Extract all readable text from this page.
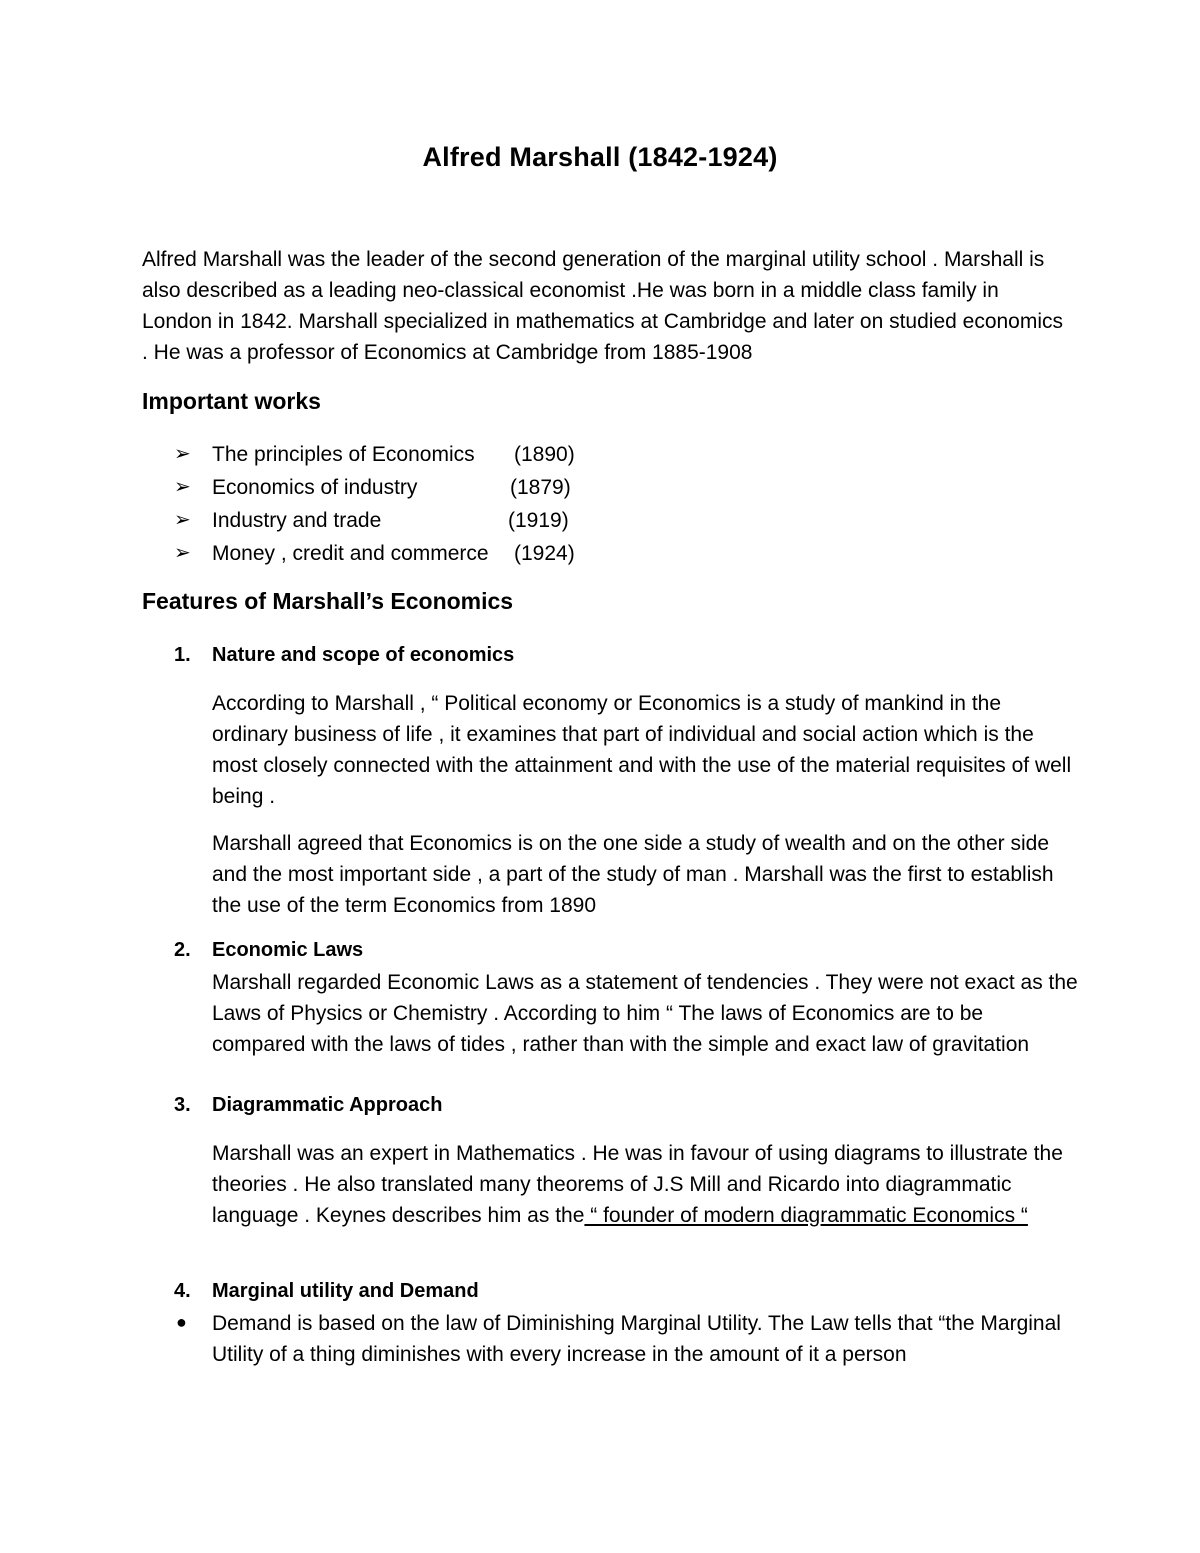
Alfred Marshall (1842-1924)

Alfred Marshall was the leader of the second generation of the marginal utility school . Marshall is also described as a leading neo-classical economist .He was born in a middle class family in London in 1842. Marshall specialized in mathematics at Cambridge and later on studied economics . He was a professor of Economics at Cambridge from 1885-1908

Important works
➢	The principles of Economics (1890)
➢	Economics of industry	(1879)
➢	Industry and trade	(1919)
➢	Money , credit and commerce (1924)
Features of Marshall’s Economics
1. Nature and scope of economics

According to Marshall , “ Political economy or Economics is a study of mankind in the ordinary business of life , it examines that part of individual and social action which is the most closely connected with the attainment and with the use of the material requisites of well being .

Marshall agreed that Economics is on the one side a study of wealth and on the other side and the most important side , a part of the study of man . Marshall was the first to establish the use of the term Economics from 1890

2. Economic Laws

Marshall regarded Economic Laws as a statement of tendencies . They were not exact as the Laws of Physics or Chemistry . According to him “ The laws of Economics are to be compared with the laws of tides , rather than with the simple and exact law of gravitation

3. Diagrammatic Approach

Marshall was an expert in Mathematics . He was in favour of using diagrams to illustrate the theories . He also translated many theorems of J.S Mill and Ricardo into diagrammatic language . Keynes describes him as the “ founder of modern diagrammatic Economics “

4. Marginal utility and Demand
● Demand is based on the law of Diminishing Marginal Utility. The Law tells that “the Marginal Utility of a thing diminishes with every increase in the amount of it a person
